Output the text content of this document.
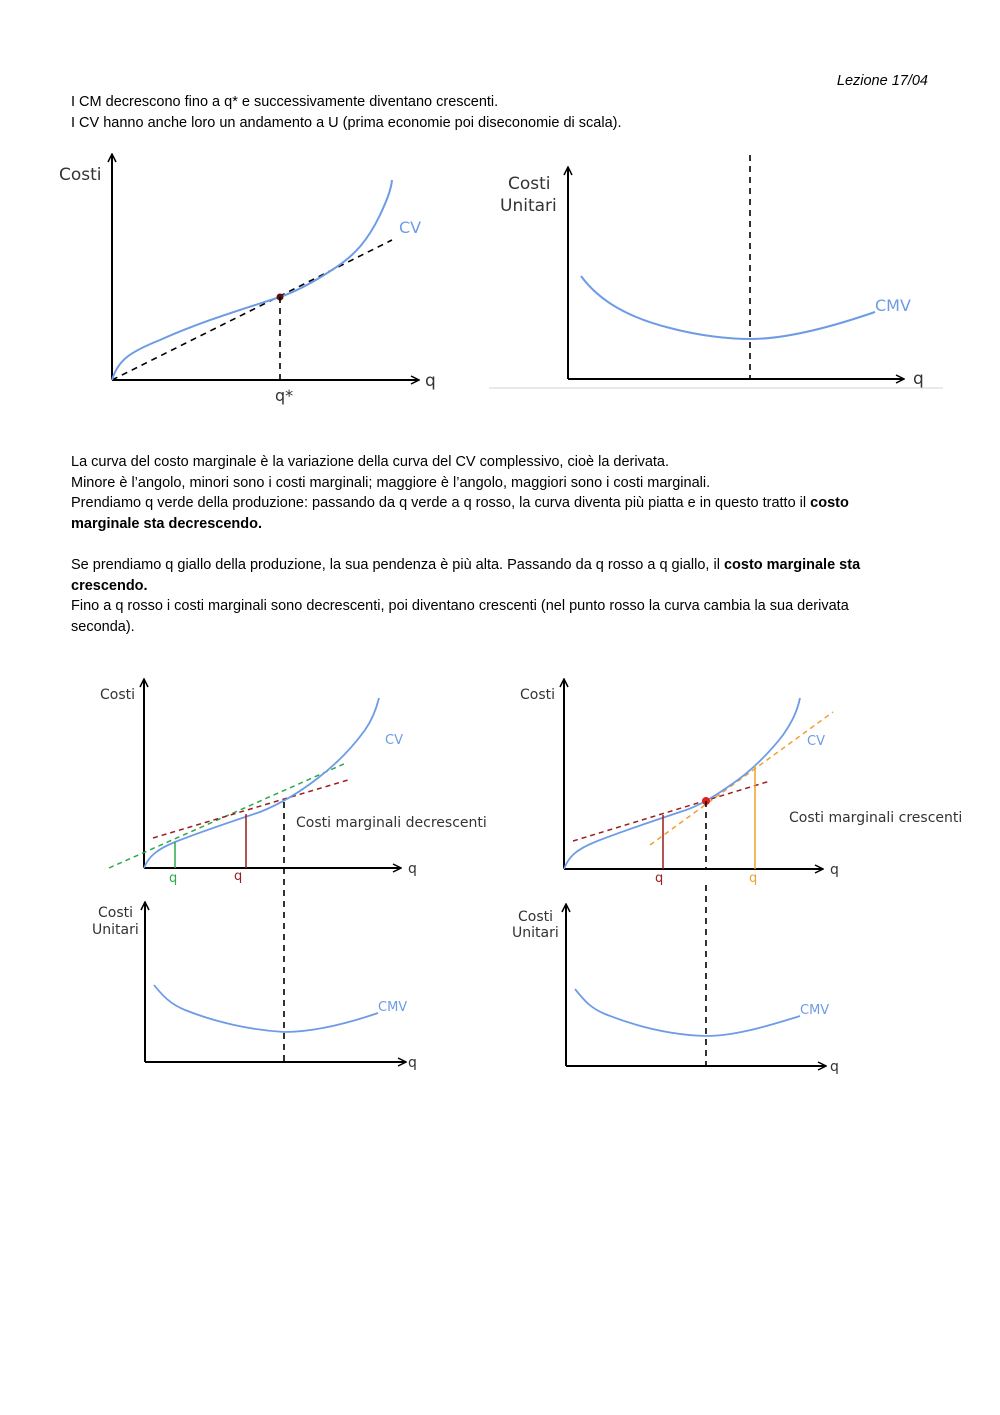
Lezione 17/04

I CM decrescono fino a q* e successivamente diventano crescenti.

I CV hanno anche loro un andamento a U (prima economie poi diseconomie di scala).

La curva del costo marginale è la variazione della curva del CV complessivo, cioè la derivata.

Minore è l’angolo, minori sono i costi marginali; maggiore è l’angolo, maggiori sono i costi marginali.

Prendiamo q verde della produzione: passando da q verde a q rosso, la curva diventa più piatta e in questo tratto il costo marginale sta decrescendo.

Se prendiamo q giallo della produzione, la sua pendenza è più alta. Passando da q rosso a q giallo, il costo marginale sta crescendo.

Fino a q rosso i costi marginali sono decrescenti, poi diventano crescenti (nel punto rosso la curva cambia la sua derivata seconda).

Costi
q
CV
q*
Costi
Unitari
q
CMV
Costi
q
CV
q	q
Costi marginali decrescenti
Costi
Unitari
q
CMV
Costi
q
CV
q	q
Costi marginali crescenti
Costi
Unitari
q
CMV
